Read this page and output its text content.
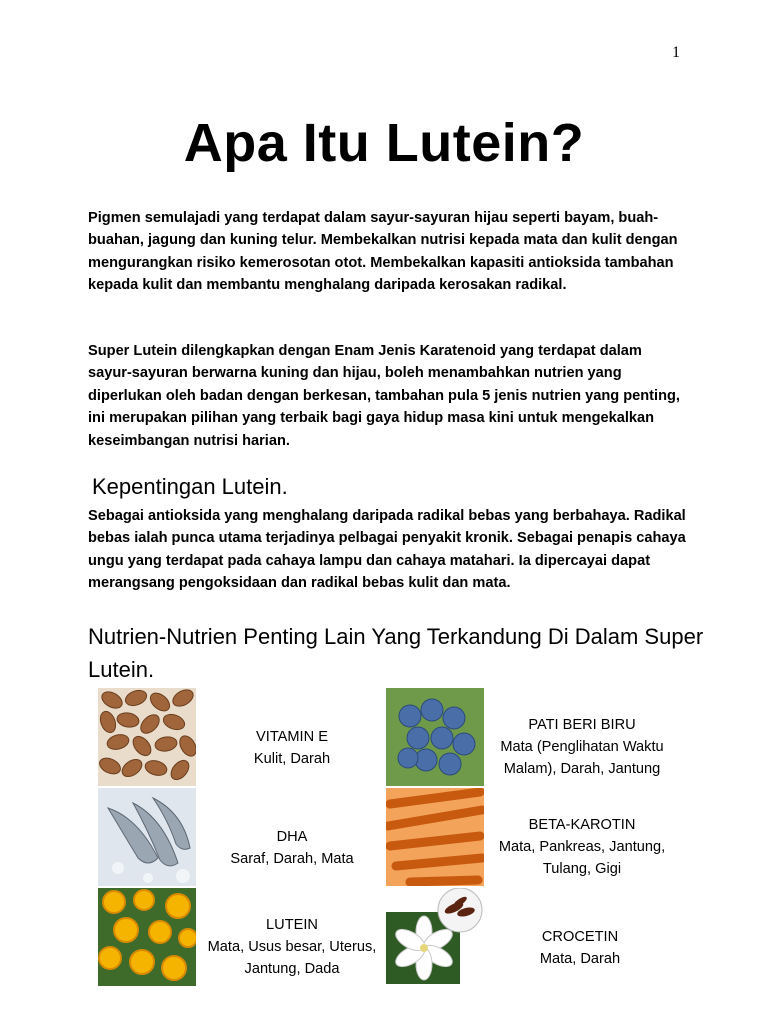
1
Apa Itu Lutein?

Pigmen semulajadi yang terdapat dalam sayur-sayuran hijau seperti bayam, buah-buahan, jagung dan kuning telur. Membekalkan nutrisi kepada mata dan kulit dengan mengurangkan risiko kemerosotan otot. Membekalkan kapasiti antioksida tambahan kepada kulit dan membantu menghalang daripada kerosakan radikal.

Super Lutein dilengkapkan dengan Enam Jenis Karatenoid yang terdapat dalam sayur-sayuran berwarna kuning dan hijau, boleh menambahkan nutrien yang diperlukan oleh badan dengan berkesan, tambahan pula 5 jenis nutrien yang penting, ini merupakan pilihan yang terbaik bagi gaya hidup masa kini untuk mengekalkan keseimbangan nutrisi harian.

Kepentingan Lutein.

Sebagai antioksida yang menghalang daripada radikal bebas yang berbahaya. Radikal bebas ialah punca utama terjadinya pelbagai penyakit kronik. Sebagai penapis cahaya ungu yang terdapat pada cahaya lampu dan cahaya matahari. Ia dipercayai dapat merangsang pengoksidaan dan radikal bebas kulit dan mata.

Nutrien-Nutrien Penting Lain Yang Terkandung Di Dalam Super Lutein.
VITAMIN E
Kulit, Darah
DHA
Saraf, Darah, Mata
LUTEIN
Mata, Usus besar, Uterus, Jantung, Dada
PATI BERI BIRU
Mata (Penglihatan Waktu Malam), Darah, Jantung
BETA-KAROTIN
Mata, Pankreas, Jantung, Tulang, Gigi
CROCETIN
Mata, Darah
